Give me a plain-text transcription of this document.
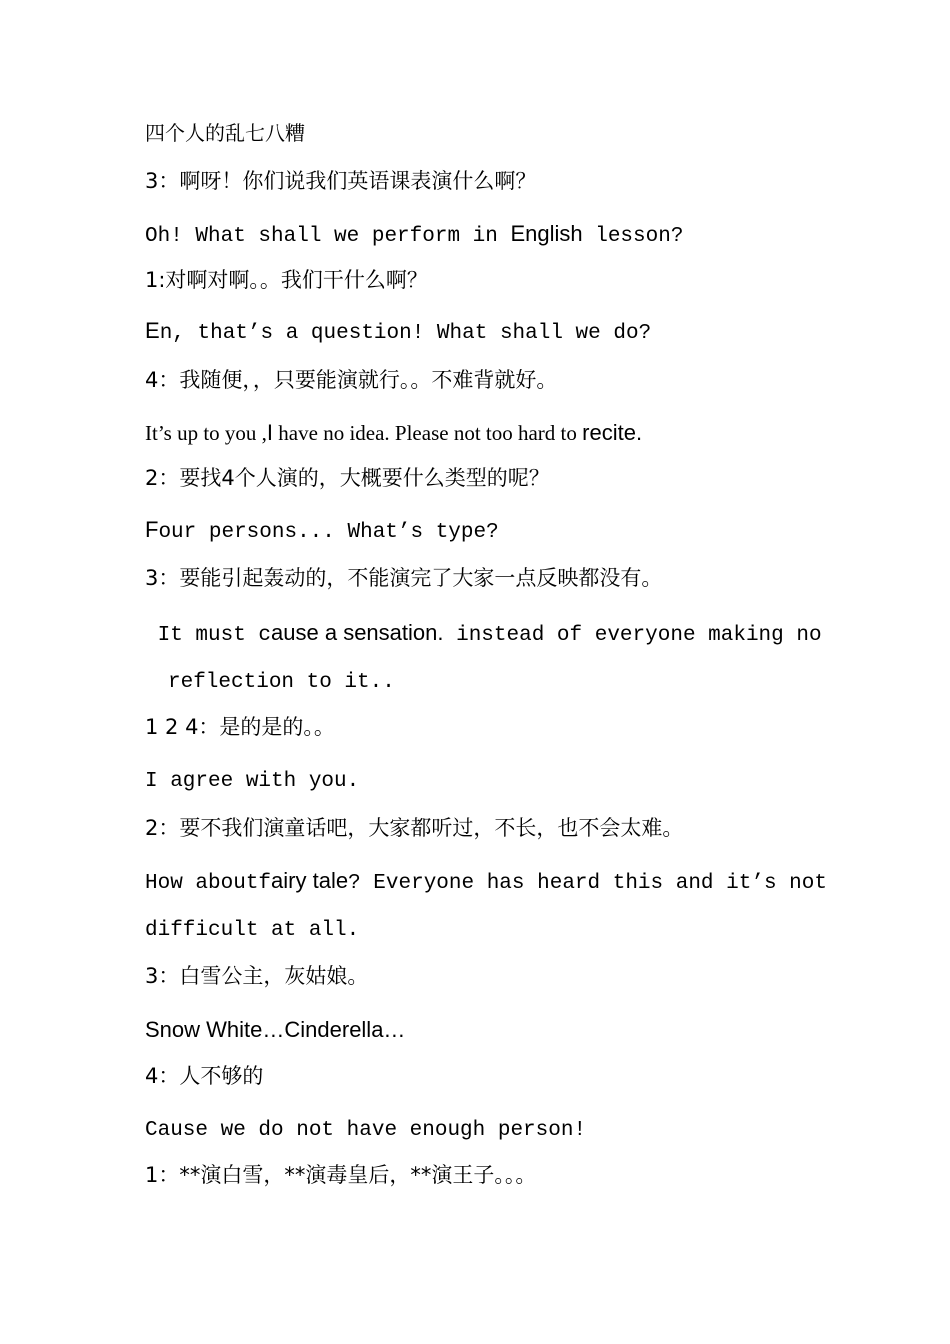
四个人的乱七八糟
3：啊呀！你们说我们英语课表演什么啊？
Oh! What shall we perform in English lesson?
1:对啊对啊。。我们干什么啊？
En, that’s a question! What shall we do?
4：我随便，，只要能演就行。。不难背就好。
It’s up to you ,I have no idea. Please not too hard to recite.
2：要找4个人演的，大概要什么类型的呢？
Four persons... What’s type?
3：要能引起轰动的，不能演完了大家一点反映都没有。
It must cause a sensation. instead of everyone making no
reflection to it..
1 2 4：是的是的。。
I agree with you.
2：要不我们演童话吧，大家都听过，不长，也不会太难。
How aboutfairy tale? Everyone has heard this and it’s not
difficult at all.
3：白雪公主，灰姑娘。
Snow White…Cinderella…
4：人不够的
Cause we do not have enough person!
1：**演白雪，**演毒皇后，**演王子。。。
